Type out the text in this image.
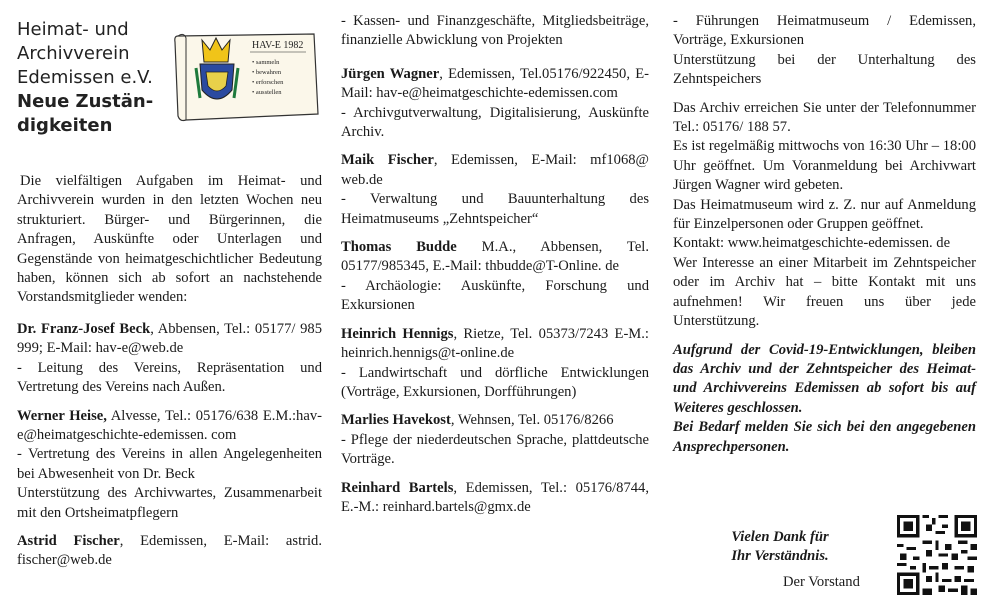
Heimat- und
Archivverein
Edemissen e.V.
Neue Zustän-
digkeiten
HAV-E 1982
• sammeln
• bewahren
• erforschen
• ausstellen

Die vielfältigen Aufgaben im Heimat- und Archivverein wurden in den letzten Wochen neu strukturiert. Bürger- und Bürgerinnen, die Anfragen, Auskünfte oder Unterlagen und Gegenstände von heimatgeschichtlicher Bedeutung haben, können sich ab sofort an nachstehende Vorstandsmitglieder wenden:

Dr. Franz-Josef Beck, Abbensen, Tel.: 05177/ 985 999; E-Mail: hav-e@web.de

- Leitung des Vereins, Repräsentation und Vertretung des Vereins nach Außen.

Werner Heise, Alvesse, Tel.: 05176/638 E.M.:hav-e@heimatgeschichte-edemissen. com

- Vertretung des Vereins in allen Angelegenheiten bei Abwesenheit von Dr. Beck

Unterstützung des Archivwartes, Zusammenarbeit mit den Ortsheimatpflegern

Astrid Fischer, Edemissen, E-Mail: astrid. fischer@web.de

- Kassen- und Finanzgeschäfte, Mitgliedsbeiträge, finanzielle Abwicklung von Projekten

Jürgen Wagner, Edemissen, Tel.05176/922450, E-Mail: hav-e@heimatgeschichte-edemissen.com

- Archivgutverwaltung, Digitalisierung, Auskünfte Archiv.

Maik Fischer, Edemissen, E-Mail: mf1068@ web.de

- Verwaltung und Bauunterhaltung des Heimatmuseums „Zehntspeicher“

Thomas Budde M.A., Abbensen, Tel. 05177/985345, E.-Mail: thbudde@T-Online. de

- Archäologie: Auskünfte, Forschung und Exkursionen

Heinrich Hennigs, Rietze, Tel. 05373/7243 E-M.: heinrich.hennigs@t-online.de

- Landwirtschaft und dörfliche Entwicklungen (Vorträge, Exkursionen, Dorfführungen)

Marlies Havekost, Wehnsen, Tel. 05176/8266

- Pflege der niederdeutschen Sprache, plattdeutsche Vorträge.

Reinhard Bartels, Edemissen, Tel.: 05176/8744, E.-M.: reinhard.bartels@gmx.de

- Führungen Heimatmuseum / Edemissen, Vorträge, Exkursionen

Unterstützung bei der Unterhaltung des Zehntspeichers

Das Archiv erreichen Sie unter der Telefonnummer Tel.: 05176/ 188 57.

Es ist regelmäßig mittwochs von 16:30 Uhr – 18:00 Uhr geöffnet. Um Voranmeldung bei Archivwart Jürgen Wagner wird gebeten.

Das Heimatmuseum wird z. Z. nur auf Anmeldung für Einzelpersonen oder Gruppen geöffnet.

Kontakt: www.heimatgeschichte-edemissen. de

Wer Interesse an einer Mitarbeit im Zehntspeicher oder im Archiv hat – bitte Kontakt mit uns aufnehmen! Wir freuen uns über jede Unterstützung.

Aufgrund der Covid-19-Entwicklungen, bleiben das Archiv und der Zehntspeicher des Heimat- und Archivvereins Edemissen ab sofort bis auf Weiteres geschlossen.

Bei Bedarf melden Sie sich bei den angegebenen Ansprechpersonen.

Vielen Dank für
Ihr Verständnis.
Der Vorstand
